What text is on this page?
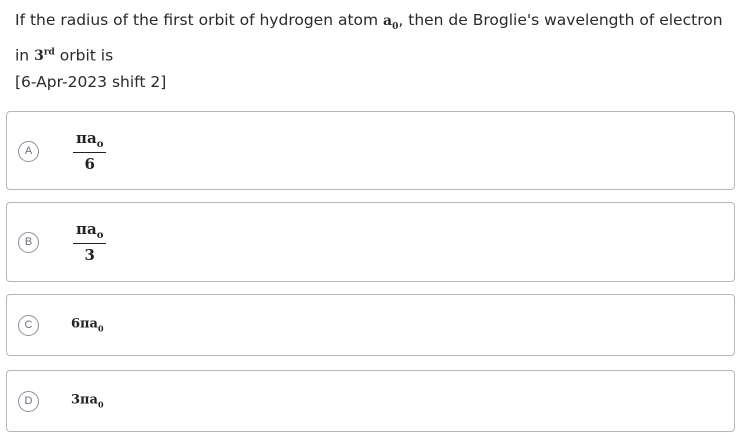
If the radius of the first orbit of hydrogen atom $a_0$, then de Broglie's wavelength of electron in 3rd orbit is
[6-Apr-2023 shift 2]
A
$\pi a_o$
6
B
$\pi a_o$
3
C	$6\pi a_0$
D	$3\pi a_0$
